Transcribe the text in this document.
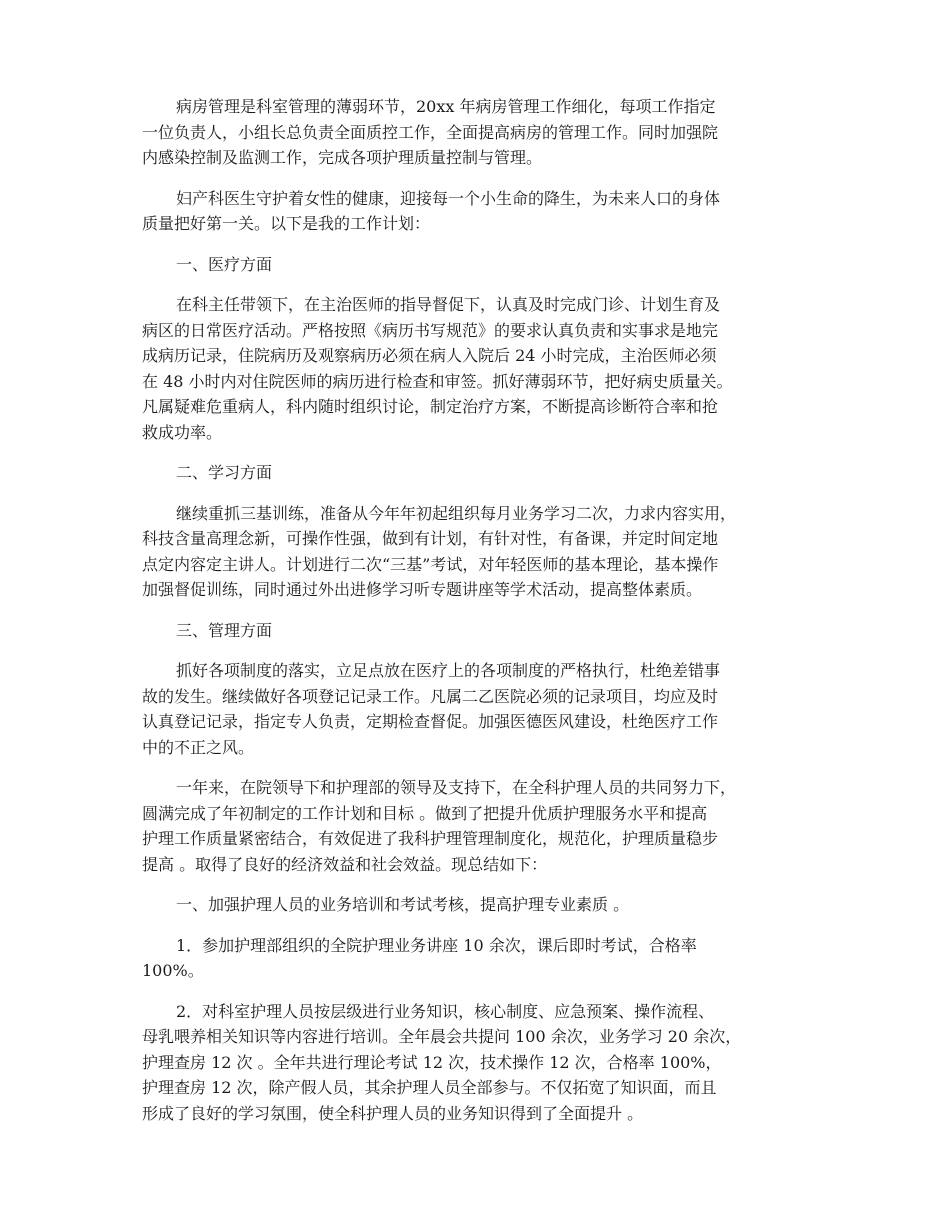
病房管理是科室管理的薄弱环节，20xx 年病房管理工作细化，每项工作指定
一位负责人，小组长总负责全面质控工作，全面提高病房的管理工作。同时加强院
内感染控制及监测工作，完成各项护理质量控制与管理。

妇产科医生守护着女性的健康，迎接每一个小生命的降生，为未来人口的身体
质量把好第一关。以下是我的工作计划：

一、医疗方面

在科主任带领下，在主治医师的指导督促下，认真及时完成门诊、计划生育及
病区的日常医疗活动。严格按照《病历书写规范》的要求认真负责和实事求是地完
成病历记录，住院病历及观察病历必须在病人入院后 24 小时完成，主治医师必须
在 48 小时内对住院医师的病历进行检查和审签。抓好薄弱环节，把好病史质量关。
凡属疑难危重病人，科内随时组织讨论，制定治疗方案，不断提高诊断符合率和抢
救成功率。

二、学习方面

继续重抓三基训练，准备从今年年初起组织每月业务学习二次，力求内容实用，
科技含量高理念新，可操作性强，做到有计划，有针对性，有备课，并定时间定地
点定内容定主讲人。计划进行二次“三基”考试，对年轻医师的基本理论，基本操作
加强督促训练，同时通过外出进修学习听专题讲座等学术活动，提高整体素质。

三、管理方面

抓好各项制度的落实，立足点放在医疗上的各项制度的严格执行，杜绝差错事
故的发生。继续做好各项登记记录工作。凡属二乙医院必须的记录项目，均应及时
认真登记记录，指定专人负责，定期检查督促。加强医德医风建设，杜绝医疗工作
中的不正之风。

一年来，在院领导下和护理部的领导及支持下，在全科护理人员的共同努力下，
圆满完成了年初制定的工作计划和目标 。做到了把提升优质护理服务水平和提高
护理工作质量紧密结合，有效促进了我科护理管理制度化，规范化，护理质量稳步
提高 。取得了良好的经济效益和社会效益。现总结如下：

一、加强护理人员的业务培训和考试考核，提高护理专业素质 。

1．参加护理部组织的全院护理业务讲座 10 余次，课后即时考试，合格率
100%。

2．对科室护理人员按层级进行业务知识，核心制度、应急预案、操作流程、
母乳喂养相关知识等内容进行培训。全年晨会共提问 100 余次，业务学习 20 余次，
护理查房 12 次 。全年共进行理论考试 12 次，技术操作 12 次，合格率 100%，
护理查房 12 次，除产假人员，其余护理人员全部参与。不仅拓宽了知识面，而且
形成了良好的学习氛围，使全科护理人员的业务知识得到了全面提升 。
